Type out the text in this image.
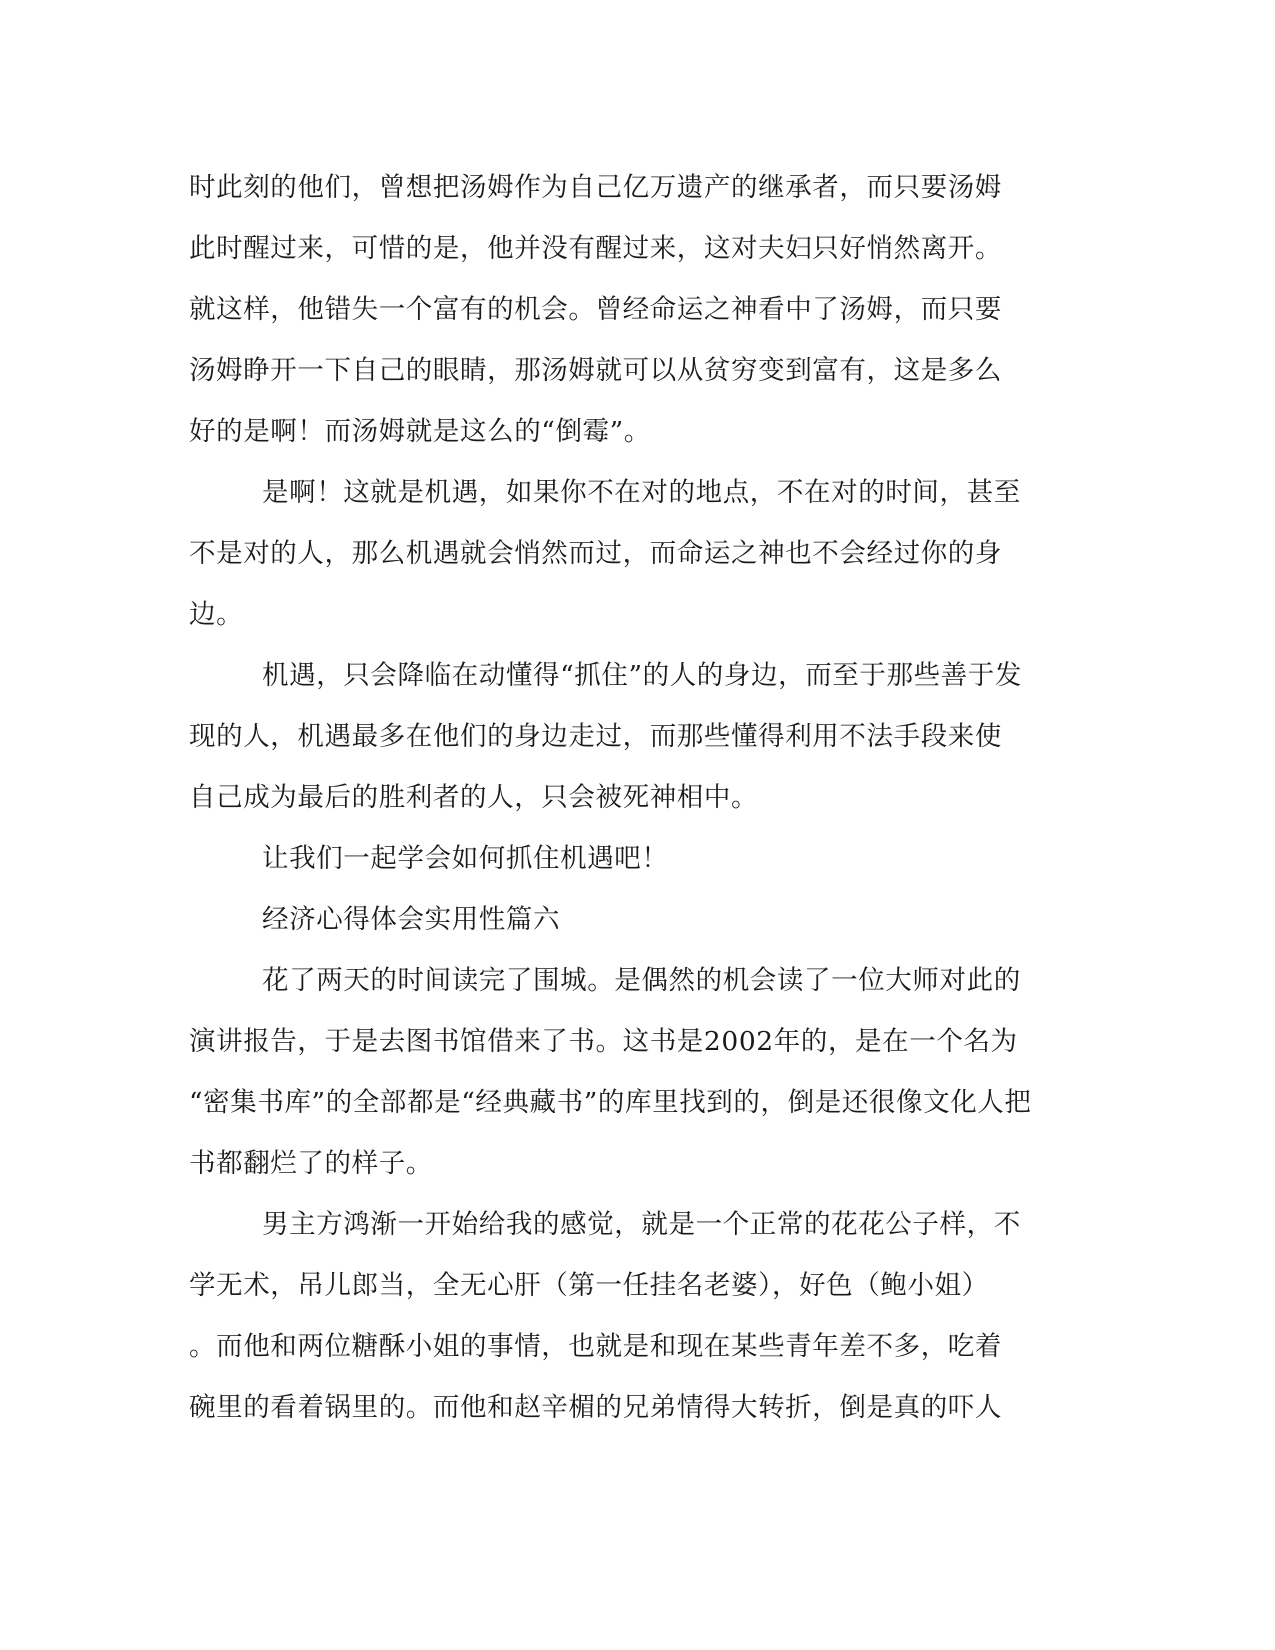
时此刻的他们，曾想把汤姆作为自己亿万遗产的继承者，而只要汤姆
此时醒过来，可惜的是，他并没有醒过来，这对夫妇只好悄然离开。
就这样，他错失一个富有的机会。曾经命运之神看中了汤姆，而只要
汤姆睁开一下自己的眼睛，那汤姆就可以从贫穷变到富有，这是多么
好的是啊！而汤姆就是这么的“倒霉”。
是啊！这就是机遇，如果你不在对的地点，不在对的时间，甚至
不是对的人，那么机遇就会悄然而过，而命运之神也不会经过你的身
边。
机遇，只会降临在动懂得“抓住”的人的身边，而至于那些善于发
现的人，机遇最多在他们的身边走过，而那些懂得利用不法手段来使
自己成为最后的胜利者的人，只会被死神相中。
让我们一起学会如何抓住机遇吧！
经济心得体会实用性篇六
花了两天的时间读完了围城。是偶然的机会读了一位大师对此的
演讲报告，于是去图书馆借来了书。这书是2002年的，是在一个名为
“密集书库”的全部都是“经典藏书”的库里找到的，倒是还很像文化人把
书都翻烂了的样子。
男主方鸿渐一开始给我的感觉，就是一个正常的花花公子样，不
学无术，吊儿郎当，全无心肝（第一任挂名老婆），好色（鲍小姐）
。而他和两位糖酥小姐的事情，也就是和现在某些青年差不多，吃着
碗里的看着锅里的。而他和赵辛楣的兄弟情得大转折，倒是真的吓人
